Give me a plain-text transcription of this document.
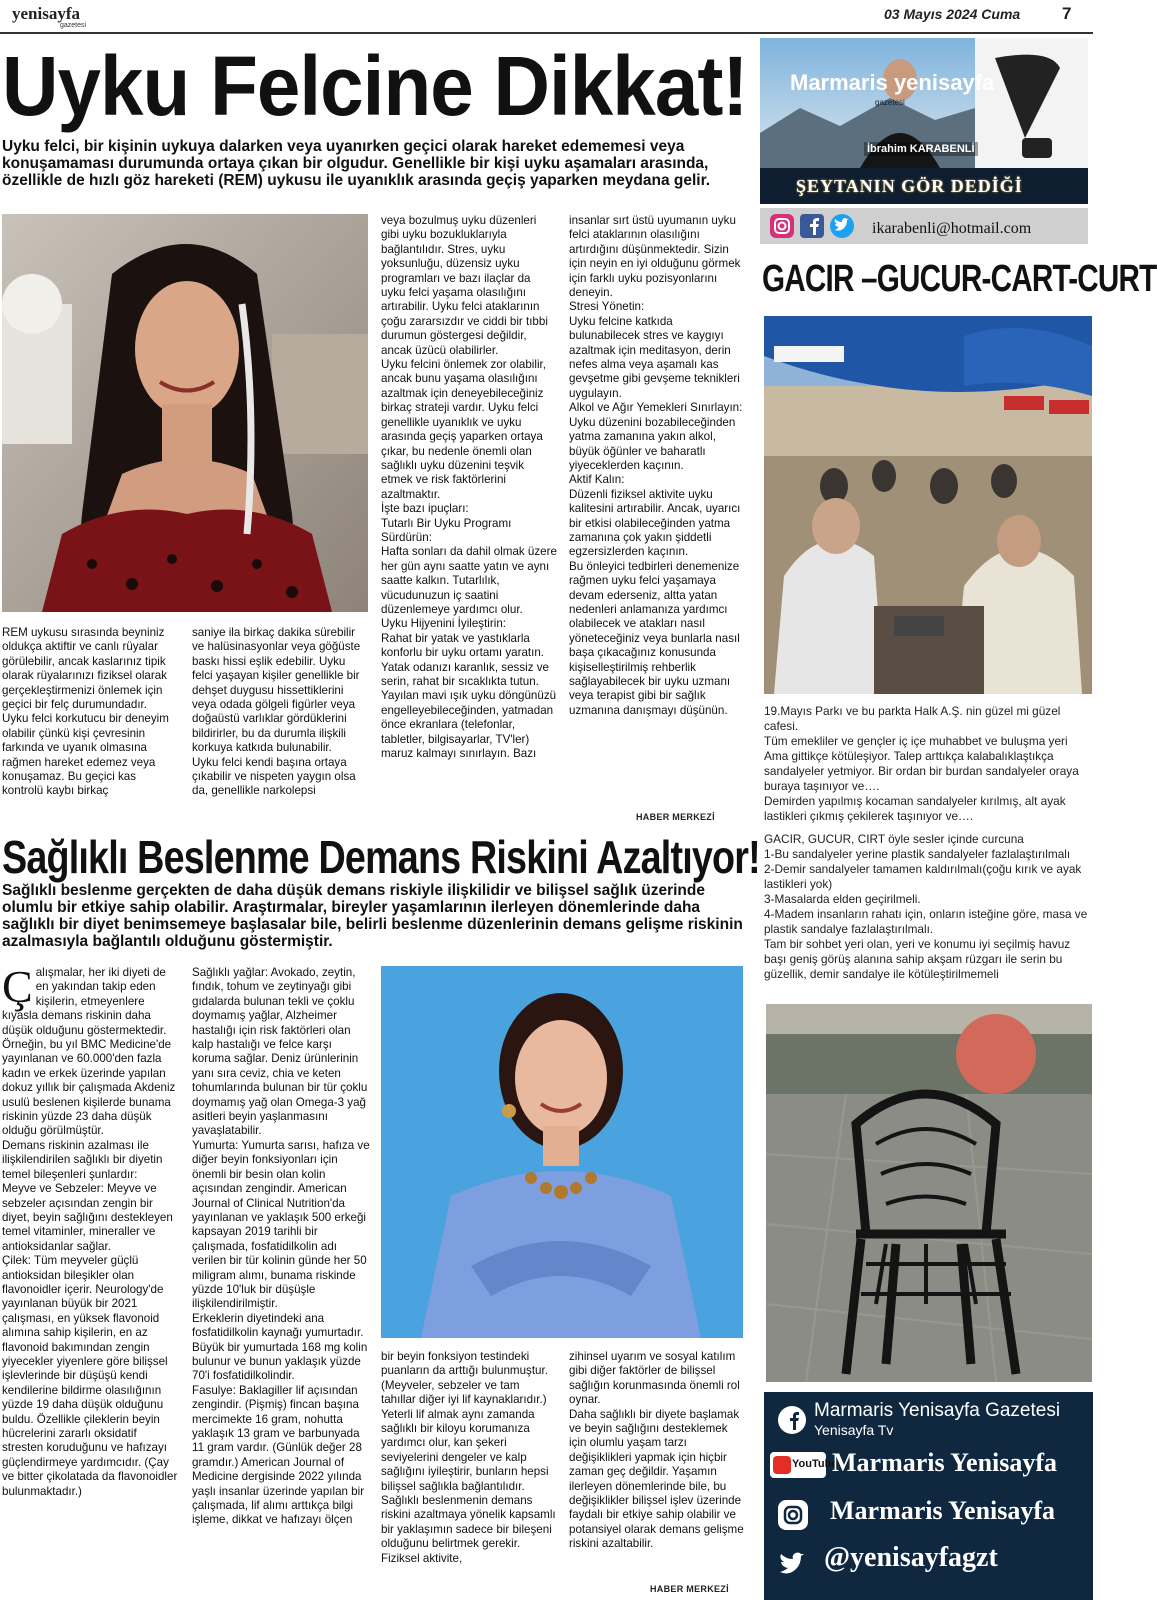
yenisayfa
gazetesi
03 Mayıs 2024 Cuma 7
Uyku Felcine Dikkat!
Uyku felci, bir kişinin uykuya dalarken veya uyanırken geçici olarak hareket edememesi veya konuşamaması durumunda ortaya çıkan bir olgudur. Genellikle bir kişi uyku aşamaları arasında, özellikle de hızlı göz hareketi (REM) uykusu ile uyanıklık arasında geçiş yaparken meydana gelir.
REM uykusu sırasında beyniniz oldukça aktiftir ve canlı rüyalar görülebilir, ancak kaslarınız tipik olarak rüyalarınızı fiziksel olarak gerçekleştirmenizi önlemek için geçici bir felç durumundadır.
Uyku felci korkutucu bir deneyim olabilir çünkü kişi çevresinin farkında ve uyanık olmasına rağmen hareket edemez veya konuşamaz. Bu geçici kas kontrolü kaybı birkaç
saniye ila birkaç dakika sürebilir ve halüsinasyonlar veya göğüste baskı hissi eşlik edebilir. Uyku felci yaşayan kişiler genellikle bir dehşet duygusu hissettiklerini veya odada gölgeli figürler veya doğaüstü varlıklar gördüklerini bildirirler, bu da durumla ilişkili korkuya katkıda bulunabilir.
Uyku felci kendi başına ortaya çıkabilir ve nispeten yaygın olsa da, genellikle narkolepsi
veya bozulmuş uyku düzenleri gibi uyku bozukluklarıyla bağlantılıdır. Stres, uyku yoksunluğu, düzensiz uyku programları ve bazı ilaçlar da uyku felci yaşama olasılığını artırabilir. Uyku felci ataklarının çoğu zararsızdır ve ciddi bir tıbbi durumun göstergesi değildir, ancak üzücü olabilirler.
Uyku felcini önlemek zor olabilir, ancak bunu yaşama olasılığını azaltmak için deneyebileceğiniz birkaç strateji vardır. Uyku felci genellikle uyanıklık ve uyku arasında geçiş yaparken ortaya çıkar, bu nedenle önemli olan sağlıklı uyku düzenini teşvik etmek ve risk faktörlerini azaltmaktır.
İşte bazı ipuçları:
Tutarlı Bir Uyku Programı Sürdürün:
Hafta sonları da dahil olmak üzere her gün aynı saatte yatın ve aynı saatte kalkın. Tutarlılık, vücudunuzun iç saatini düzenlemeye yardımcı olur.
Uyku Hijyenini İyileştirin:
Rahat bir yatak ve yastıklarla konforlu bir uyku ortamı yaratın. Yatak odanızı karanlık, sessiz ve serin, rahat bir sıcaklıkta tutun. Yayılan mavi ışık uyku döngünüzü engelleyebileceğinden, yatmadan önce ekranlara (telefonlar, tabletler, bilgisayarlar, TV'ler) maruz kalmayı sınırlayın. Bazı
insanlar sırt üstü uyumanın uyku felci ataklarının olasılığını artırdığını düşünmektedir. Sizin için neyin en iyi olduğunu görmek için farklı uyku pozisyonlarını deneyin.
Stresi Yönetin:
Uyku felcine katkıda bulunabilecek stres ve kaygıyı azaltmak için meditasyon, derin nefes alma veya aşamalı kas gevşetme gibi gevşeme teknikleri uygulayın.
Alkol ve Ağır Yemekleri Sınırlayın:
Uyku düzenini bozabileceğinden yatma zamanına yakın alkol, büyük öğünler ve baharatlı yiyeceklerden kaçının.
Aktif Kalın:
Düzenli fiziksel aktivite uyku kalitesini artırabilir. Ancak, uyarıcı bir etkisi olabileceğinden yatma zamanına çok yakın şiddetli egzersizlerden kaçının.
Bu önleyici tedbirleri denemenize rağmen uyku felci yaşamaya devam ederseniz, altta yatan nedenleri anlamanıza yardımcı olabilecek ve atakları nasıl yöneteceğiniz veya bunlarla nasıl başa çıkacağınız konusunda kişiselleştirilmiş rehberlik sağlayabilecek bir uyku uzmanı veya terapist gibi bir sağlık uzmanına danışmayı düşünün.
HABER MERKEZİ
Sağlıklı Beslenme Demans Riskini Azaltıyor!
Sağlıklı beslenme gerçekten de daha düşük demans riskiyle ilişkilidir ve bilişsel sağlık üzerinde olumlu bir etkiye sahip olabilir. Araştırmalar, bireyler yaşamlarının ilerleyen dönemlerinde daha sağlıklı bir diyet benimsemeye başlasalar bile, belirli beslenme düzenlerinin demans gelişme riskinin azalmasıyla bağlantılı olduğunu göstermiştir.
Çalışmalar, her iki diyeti de en yakından takip eden kişilerin, etmeyenlere kıyasla demans riskinin daha düşük olduğunu göstermektedir. Örneğin, bu yıl BMC Medicine'de yayınlanan ve 60.000'den fazla kadın ve erkek üzerinde yapılan dokuz yıllık bir çalışmada Akdeniz usulü beslenen kişilerde bunama riskinin yüzde 23 daha düşük olduğu görülmüştür.
Demans riskinin azalması ile ilişkilendirilen sağlıklı bir diyetin temel bileşenleri şunlardır:
Meyve ve Sebzeler: Meyve ve sebzeler açısından zengin bir diyet, beyin sağlığını destekleyen temel vitaminler, mineraller ve antioksidanlar sağlar.
Çilek: Tüm meyveler güçlü antioksidan bileşikler olan flavonoidler içerir. Neurology'de yayınlanan büyük bir 2021 çalışması, en yüksek flavonoid alımına sahip kişilerin, en az flavonoid bakımından zengin yiyecekler yiyenlere göre bilişsel işlevlerinde bir düşüşü kendi kendilerine bildirme olasılığının yüzde 19 daha düşük olduğunu buldu. Özellikle çileklerin beyin hücrelerini zararlı oksidatif stresten koruduğunu ve hafızayı güçlendirmeye yardımcıdır. (Çay ve bitter çikolatada da flavonoidler bulunmaktadır.)
Sağlıklı yağlar: Avokado, zeytin, fındık, tohum ve zeytinyağı gibi gıdalarda bulunan tekli ve çoklu doymamış yağlar, Alzheimer hastalığı için risk faktörleri olan kalp hastalığı ve felce karşı koruma sağlar. Deniz ürünlerinin yanı sıra ceviz, chia ve keten tohumlarında bulunan bir tür çoklu doymamış yağ olan Omega-3 yağ asitleri beyin yaşlanmasını yavaşlatabilir.
Yumurta: Yumurta sarısı, hafıza ve diğer beyin fonksiyonları için önemli bir besin olan kolin açısından zengindir. American Journal of Clinical Nutrition'da yayınlanan ve yaklaşık 500 erkeği kapsayan 2019 tarihli bir çalışmada, fosfatidilkolin adı verilen bir tür kolinin günde her 50 miligram alımı, bunama riskinde yüzde 10'luk bir düşüşle ilişkilendirilmiştir.
Erkeklerin diyetindeki ana fosfatidilkolin kaynağı yumurtadır. Büyük bir yumurtada 168 mg kolin bulunur ve bunun yaklaşık yüzde 70'i fosfatidilkolindir.
Fasulye: Baklagiller lif açısından zengindir. (Pişmiş) fincan başına mercimekte 16 gram, nohutta yaklaşık 13 gram ve barbunyada 11 gram vardır. (Günlük değer 28 gramdır.) American Journal of Medicine dergisinde 2022 yılında yaşlı insanlar üzerinde yapılan bir çalışmada, lif alımı arttıkça bilgi işleme, dikkat ve hafızayı ölçen
bir beyin fonksiyon testindeki puanların da arttığı bulunmuştur. (Meyveler, sebzeler ve tam tahıllar diğer iyi lif kaynaklarıdır.) Yeterli lif almak aynı zamanda sağlıklı bir kiloyu korumanıza yardımcı olur, kan şekeri seviyelerini dengeler ve kalp sağlığını iyileştirir, bunların hepsi bilişsel sağlıkla bağlantılıdır.
Sağlıklı beslenmenin demans riskini azaltmaya yönelik kapsamlı bir yaklaşımın sadece bir bileşeni olduğunu belirtmek gerekir. Fiziksel aktivite,
zihinsel uyarım ve sosyal katılım gibi diğer faktörler de bilişsel sağlığın korunmasında önemli rol oynar.
Daha sağlıklı bir diyete başlamak ve beyin sağlığını desteklemek için olumlu yaşam tarzı değişiklikleri yapmak için hiçbir zaman geç değildir. Yaşamın ilerleyen dönemlerinde bile, bu değişiklikler bilişsel işlev üzerinde faydalı bir etkiye sahip olabilir ve potansiyel olarak demans gelişme riskini azaltabilir.
HABER MERKEZİ
Marmaris yenisayfa
gazetesi
İbrahim KARABENLİ
ŞEYTANIN GÖR DEDİĞİ
ikarabenli@hotmail.com
GACIR –GUCUR-CART-CURT
19.Mayıs Parkı ve bu parkta Halk A.Ş. nin güzel mi güzel cafesi.
Tüm emekliler ve gençler iç içe muhabbet ve buluşma yeri Ama gittikçe kötüleşiyor. Talep arttıkça kalabalıklaştıkça sandalyeler yetmiyor. Bir ordan bir burdan sandalyeler oraya buraya taşınıyor ve….
Demirden yapılmış kocaman sandalyeler kırılmış, alt ayak lastikleri çıkmış çekilerek taşınıyor ve….
GACIR, GUCUR, CIRT öyle sesler içinde curcuna
1-Bu sandalyeler yerine plastik sandalyeler fazlalaştırılmalı
2-Demir sandalyeler tamamen kaldırılmalı(çoğu kırık ve ayak lastikleri yok)
3-Masalarda elden geçirilmeli.
4-Madem insanların rahatı için, onların isteğine göre, masa ve plastik sandalye fazlalaştırılmalı.
Tam bir sohbet yeri olan, yeri ve konumu iyi seçilmiş havuz başı geniş görüş alanına sahip akşam rüzgarı ile serin bu güzellik, demir sandalye ile kötüleştirilmemeli
Marmaris Yenisayfa Gazetesi
Yenisayfa Tv
YouTube
Marmaris Yenisayfa
Marmaris Yenisayfa
@yenisayfagzt
